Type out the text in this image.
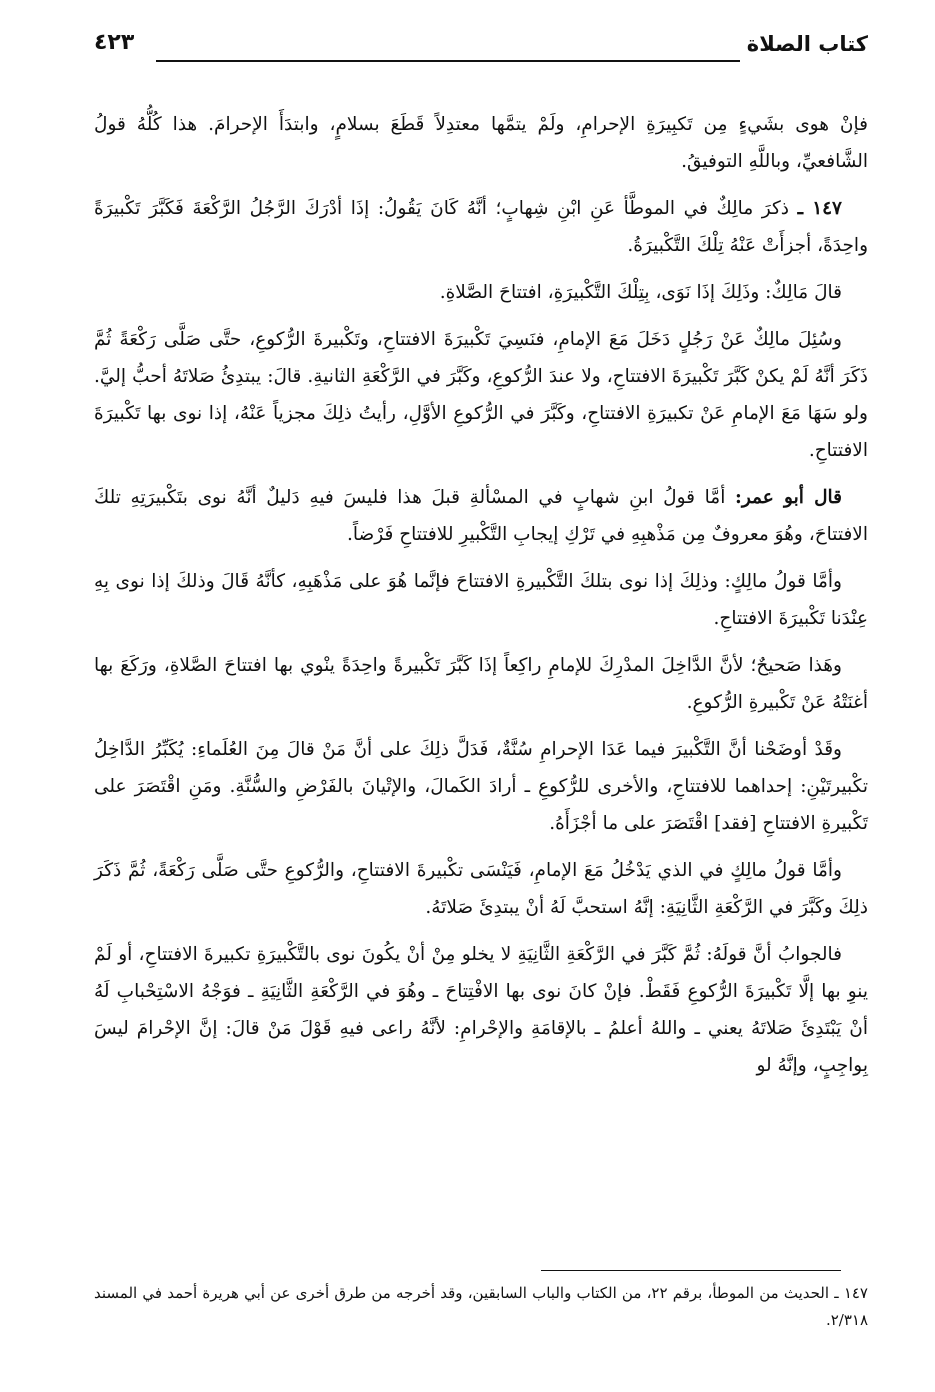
كتاب الصلاة
٤٢٣

فإنْ هوى بشَيءٍ مِن تَكبِيرَةِ الإحرامِ، ولَمْ يتمَّها معتدِلاً قَطَعَ بسلامٍ، وابتدَأَ الإحرامَ. هذا كُلُّهُ قولُ الشَّافعيِّ، وباللَّهِ التوفيقُ.

١٤٧ ـ ذكرَ مالِكٌ في الموطَّأ عَنِ ابْنِ شِهابٍ؛ أنَّهُ كَانَ يَقُولُ: إذَا أدْرَكَ الرَّجُلُ الرَّكْعَةَ فَكَبَّرَ تَكْبيرَةً واحِدَةً، أجزأَتْ عَنْهُ تِلْكَ التَّكْبيرَةُ.

قالَ مَالِكٌ: وذَلِكَ إذَا نَوَى، بِتِلْكَ التَّكْبيرَةِ، افتتاحَ الصَّلاةِ.

وسُئِلَ مالِكٌ عَنْ رَجُلٍ دَخَلَ مَعَ الإمامِ، فنَسِيَ تَكْبيرَةَ الافتتاحِ، وتَكْبيرةَ الرُّكوعِ، حتَّى صَلَّى رَكْعَةً ثُمَّ ذَكَرَ أنَّهُ لَمْ يكنْ كَبَّرَ تَكْبيرَةَ الافتتاحِ، ولا عندَ الرُّكوعِ، وكَبَّرَ في الرَّكْعَةِ الثانيةِ. قالَ: يبتدِئُ صَلاتَهُ أحبُّ إليَّ. ولو سَهَا مَعَ الإمامِ عَنْ تكبيرَةِ الافتتاحِ، وكَبَّرَ في الرُّكوعِ الأوَّلِ، رأيتُ ذلِكَ مجزياً عَنْهُ، إذا نوى بها تَكْبيرَةَ الافتتاحِ.

قال أبو عمر: أمَّا قولُ ابنِ شهابٍ في المسْألةِ قبلَ هذا فليسَ فيهِ دَليلٌ أنَّهُ نوى بتَكْبيرَتِهِ تلكَ الافتتاحَ، وهُوَ معروفٌ مِن مَذْهبِهِ في تَرْكِ إيجابِ التَّكْبيرِ للافتتاحِ فَرْضاً.

وأمَّا قولُ مالِكٍ: وذلِكَ إذا نوى بتلكَ التَّكْبيرةِ الافتتاحَ فإنَّما هُوَ على مَذْهَبِهِ، كأنَّهُ قَالَ وذلكَ إذا نوى بِهِ عِنْدَنا تَكْبيرَةَ الافتتاحِ.

وهَذا صَحيحٌ؛ لأنَّ الدَّاخِلَ المدْرِكَ للإمامِ راكِعاً إذَا كَبَّرَ تَكْبيرةً واحِدَةً ينْوي بها افتتاحَ الصَّلاةِ، ورَكَعَ بها أغنَتْهُ عَنْ تَكْبيرةِ الرُّكوعِ.

وقَدْ أوضَحْنا أنَّ التَّكْبيرَ فيما عَدَا الإحرامِ سُنَّةٌ، فَدَلَّ ذلِكَ على أنَّ مَنْ قالَ مِنَ العُلَماءِ: يُكَبِّرُ الدَّاخِلُ تكْبيرتَيْنِ: إحداهما للافتتاحِ، والأخرى للرُّكوعِ ـ أرادَ الكَمالَ، والإتْيانَ بالفَرْضِ والسُّنَّةِ. ومَنِ اقْتَصَرَ على تَكْبيرةِ الافتتاحِ [فقد] اقْتَصَرَ على ما أجْزَأَهُ.

وأمَّا قولُ مالِكٍ في الذي يَدْخُلُ مَعَ الإمامِ، فَيَنْسَى تكْبيرةَ الافتتاحِ، والرُّكوعِ حتَّى صَلَّى رَكْعَةً، ثُمَّ ذَكَرَ ذلِكَ وكَبَّرَ في الرَّكْعَةِ الثَّانِيَةِ: إنَّهُ استحبَّ لَهُ أنْ يبتدِئَ صَلاتَهُ.

فالجوابُ أنَّ قولَهُ: ثُمَّ كَبَّرَ في الرَّكْعَةِ الثَّانِيَةِ لا يخلو مِنْ أنْ يكُونَ نوى بالتَّكْبيرَةِ تكبيرةَ الافتتاحِ، أو لَمْ ينوِ بها إلَّا تَكْبيرَةَ الرُّكوعِ فَقَطْ. فإنْ كانَ نوى بها الافْتِتاحَ ـ وهُوَ في الرَّكْعَةِ الثَّانِيَةِ ـ فوَجْهُ الاسْتِحْبابِ لَهُ أنْ يَبْتَدِئَ صَلاتَهُ يعني ـ واللهُ أعلمُ ـ بالإقامَةِ والإحْرامِ: لأنَّهُ راعى فيهِ قَوْلَ مَنْ قالَ: إنَّ الإحْرامَ ليسَ بِواجِبٍ، وإنَّهُ لو

١٤٧ ـ الحديث من الموطأ، برقم ٢٢، من الكتاب والباب السابقين، وقد أخرجه من طرق أخرى عن أبي هريرة أحمد في المسند ٢/٣١٨.
